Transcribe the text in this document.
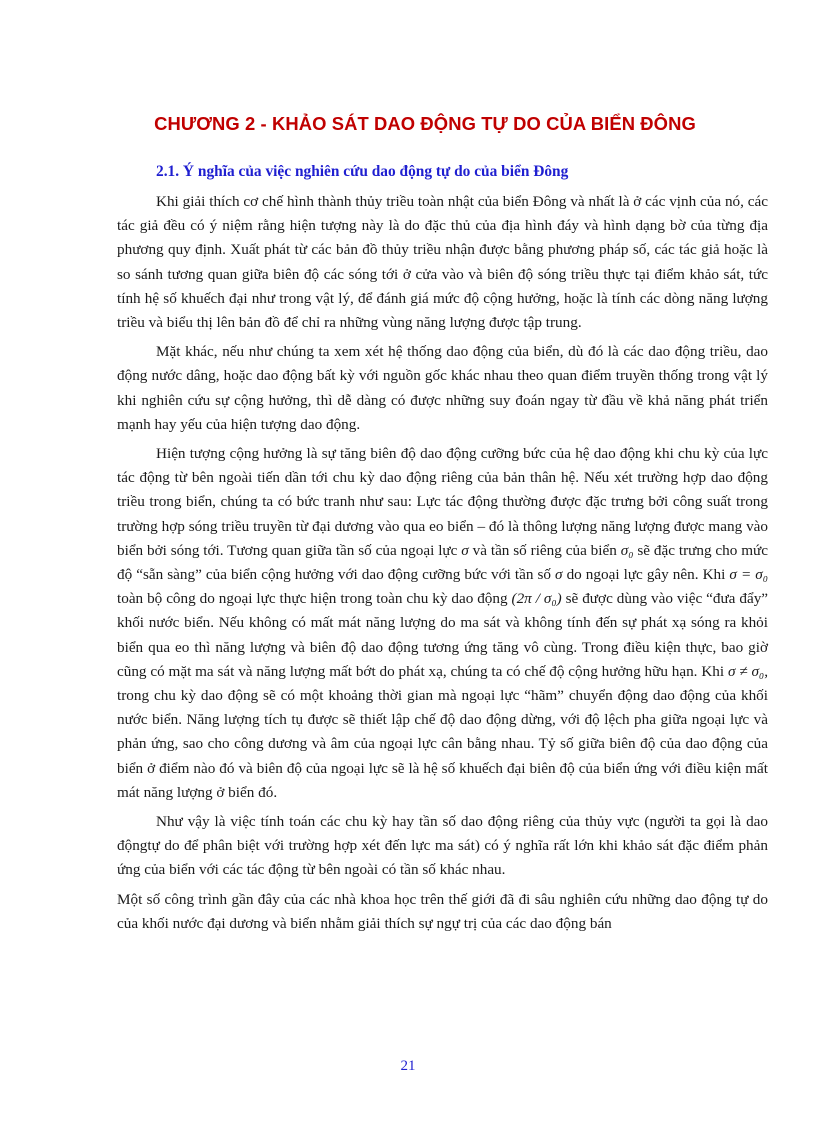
CHƯƠNG 2 - KHẢO SÁT DAO ĐỘNG TỰ DO CỦA BIỂN ĐÔNG
2.1. Ý nghĩa của việc nghiên cứu dao động tự do của biển Đông

Khi giải thích cơ chế hình thành thủy triều toàn nhật của biển Đông và nhất là ở các vịnh của nó, các tác giả đều có ý niệm rằng hiện tượng này là do đặc thủ của địa hình đáy và hình dạng bờ của từng địa phương quy định. Xuất phát từ các bản đồ thủy triều nhận được bằng phương pháp số, các tác giả hoặc là so sánh tương quan giữa biên độ các sóng tới ở cửa vào và biên độ sóng triều thực tại điểm khảo sát, tức tính hệ số khuếch đại như trong vật lý, để đánh giá mức độ cộng hưởng, hoặc là tính các dòng năng lượng triều và biểu thị lên bản đồ để chỉ ra những vùng năng lượng được tập trung.

Mặt khác, nếu như chúng ta xem xét hệ thống dao động của biển, dù đó là các dao động triều, dao động nước dâng, hoặc dao động bất kỳ với nguồn gốc khác nhau theo quan điểm truyền thống trong vật lý khi nghiên cứu sự cộng hưởng, thì dễ dàng có được những suy đoán ngay từ đầu về khả năng phát triển mạnh hay yếu của hiện tượng dao động.

Hiện tượng cộng hưởng là sự tăng biên độ dao động cưỡng bức của hệ dao động khi chu kỳ của lực tác động từ bên ngoài tiến dần tới chu kỳ dao động riêng của bản thân hệ. Nếu xét trường hợp dao động triều trong biển, chúng ta có bức tranh như sau: Lực tác động thường được đặc trưng bởi công suất trong trường hợp sóng triều truyền từ đại dương vào qua eo biển – đó là thông lượng năng lượng được mang vào biển bởi sóng tới. Tương quan giữa tần số của ngoại lực σ và tần số riêng của biển σ₀ sẽ đặc trưng cho mức độ “sẵn sàng” của biển cộng hưởng với dao động cưỡng bức với tần số σ do ngoại lực gây nên. Khi σ = σ₀ toàn bộ công do ngoại lực thực hiện trong toàn chu kỳ dao động (2π / σ₀) sẽ được dùng vào việc “đưa đẩy” khối nước biển. Nếu không có mất mát năng lượng do ma sát và không tính đến sự phát xạ sóng ra khỏi biển qua eo thì năng lượng và biên độ dao động tương ứng tăng vô cùng. Trong điều kiện thực, bao giờ cũng có mặt ma sát và năng lượng mất bớt do phát xạ, chúng ta có chế độ cộng hưởng hữu hạn. Khi σ ≠ σ₀, trong chu kỳ dao động sẽ có một khoảng thời gian mà ngoại lực “hãm” chuyển động dao động của khối nước biển. Năng lượng tích tụ được sẽ thiết lập chế độ dao động dừng, với độ lệch pha giữa ngoại lực và phản ứng, sao cho công dương và âm của ngoại lực cân bằng nhau. Tỷ số giữa biên độ của dao động của biển ở điểm nào đó và biên độ của ngoại lực sẽ là hệ số khuếch đại biên độ của biển ứng với điều kiện mất mát năng lượng ở biển đó.

Như vậy là việc tính toán các chu kỳ hay tần số dao động riêng của thủy vực (người ta gọi là dao độngtự do để phân biệt với trường hợp xét đến lực ma sát) có ý nghĩa rất lớn khi khảo sát đặc điểm phản ứng của biển với các tác động từ bên ngoài có tần số khác nhau.

Một số công trình gần đây của các nhà khoa học trên thế giới đã đi sâu nghiên cứu những dao động tự do của khối nước đại dương và biển nhằm giải thích sự ngự trị của các dao động bán

21
